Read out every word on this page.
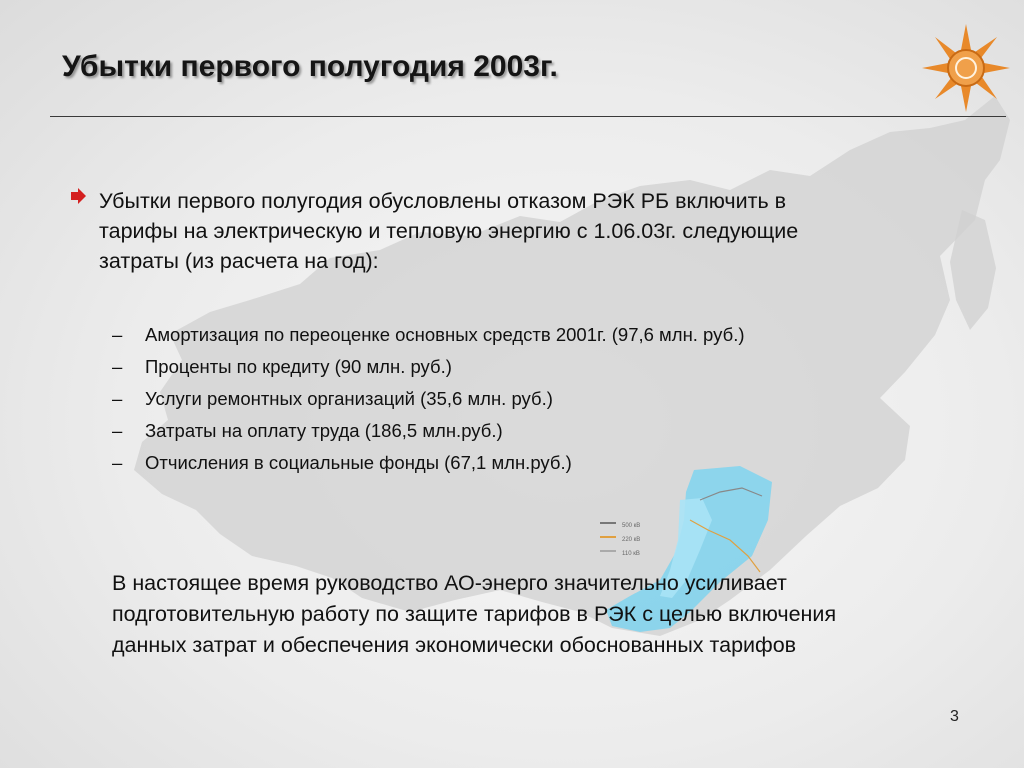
500 кВ
220 кВ
110 кВ
Убытки первого полугодия 2003г.
Убытки первого полугодия обусловлены отказом РЭК РБ включить в тарифы на электрическую и тепловую энергию с 1.06.03г. следующие затраты (из расчета на год):
– Амортизация по переоценке основных средств 2001г. (97,6 млн. руб.)
– Проценты по кредиту (90 млн. руб.)
– Услуги ремонтных организаций (35,6 млн. руб.)
– Затраты на оплату труда (186,5 млн.руб.)
– Отчисления в социальные фонды (67,1 млн.руб.)
В настоящее время руководство АО-энерго значительно усиливает подготовительную работу по защите тарифов в РЭК с целью включения данных затрат и обеспечения экономически обоснованных тарифов
3
